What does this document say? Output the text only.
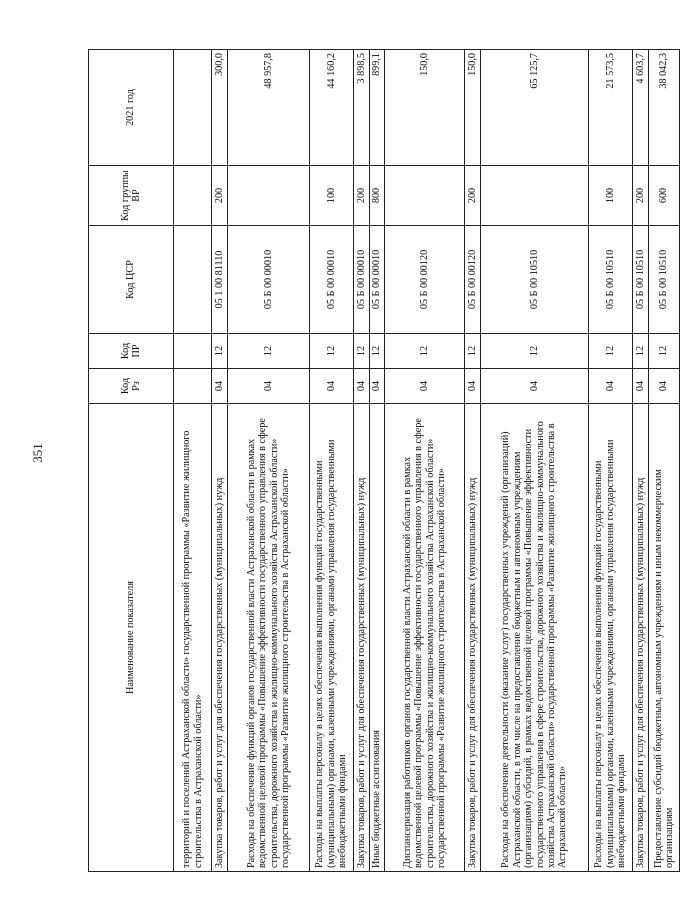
351
Наименование показателя	Код Рз	Код ПР	Код ЦСР	Код группы ВР	2021 год
территорий и поселений Астраханской области» государственной программы «Развитие жилищного строительства в Астраханской области»					
Закупка товаров, работ и услуг для обеспечения государственных (муниципальных) нужд	04	12	05 1 00 81110	200	300,0
Расходы на обеспечение функций органов государственной власти Астраханской области в рамках ведомственной целевой программы «Повышение эффективности государственного управления в сфере строительства, дорожного хозяйства и жилищно-коммунального хозяйства Астраханской области» государственной программы «Развитие жилищного строительства в Астраханской области»	04	12	05 Б 00 00010		48 957,8
Расходы на выплаты персоналу в целях обеспечения выполнения функций государственными (муниципальными) органами, казенными учреждениями, органами управления государственными внебюджетными фондами	04	12	05 Б 00 00010	100	44 160,2
Закупка товаров, работ и услуг для обеспечения государственных (муниципальных) нужд	04	12	05 Б 00 00010	200	3 898,5
Иные бюджетные ассигнования	04	12	05 Б 00 00010	800	899,1
Диспансеризация работников органов государственной власти Астраханской области в рамках ведомственной целевой программы «Повышение эффективности государственного управления в сфере строительства, дорожного хозяйства и жилищно-коммунального хозяйства Астраханской области» государственной программы «Развитие жилищного строительства в Астраханской области»	04	12	05 Б 00 00120		150,0
Закупка товаров, работ и услуг для обеспечения государственных (муниципальных) нужд	04	12	05 Б 00 00120	200	150,0
Расходы на обеспечение деятельности (оказание услуг) государственных учреждений (организаций) Астраханской области, в том числе на предоставление бюджетным и автономным учреждениям (организациям) субсидий, в рамках ведомственной целевой программы «Повышение эффективности государственного управления в сфере строительства, дорожного хозяйства и жилищно-коммунального хозяйства Астраханской области» государственной программы «Развитие жилищного строительства в Астраханской области»	04	12	05 Б 00 10510		65 125,7
Расходы на выплаты персоналу в целях обеспечения выполнения функций государственными (муниципальными) органами, казенными учреждениями, органами управления государственными внебюджетными фондами	04	12	05 Б 00 10510	100	21 573,5
Закупка товаров, работ и услуг для обеспечения государственных (муниципальных) нужд	04	12	05 Б 00 10510	200	4 603,7
Предоставление субсидий бюджетным, автономным учреждениям и иным некоммерческим организациям	04	12	05 Б 00 10510	600	38 042,3
